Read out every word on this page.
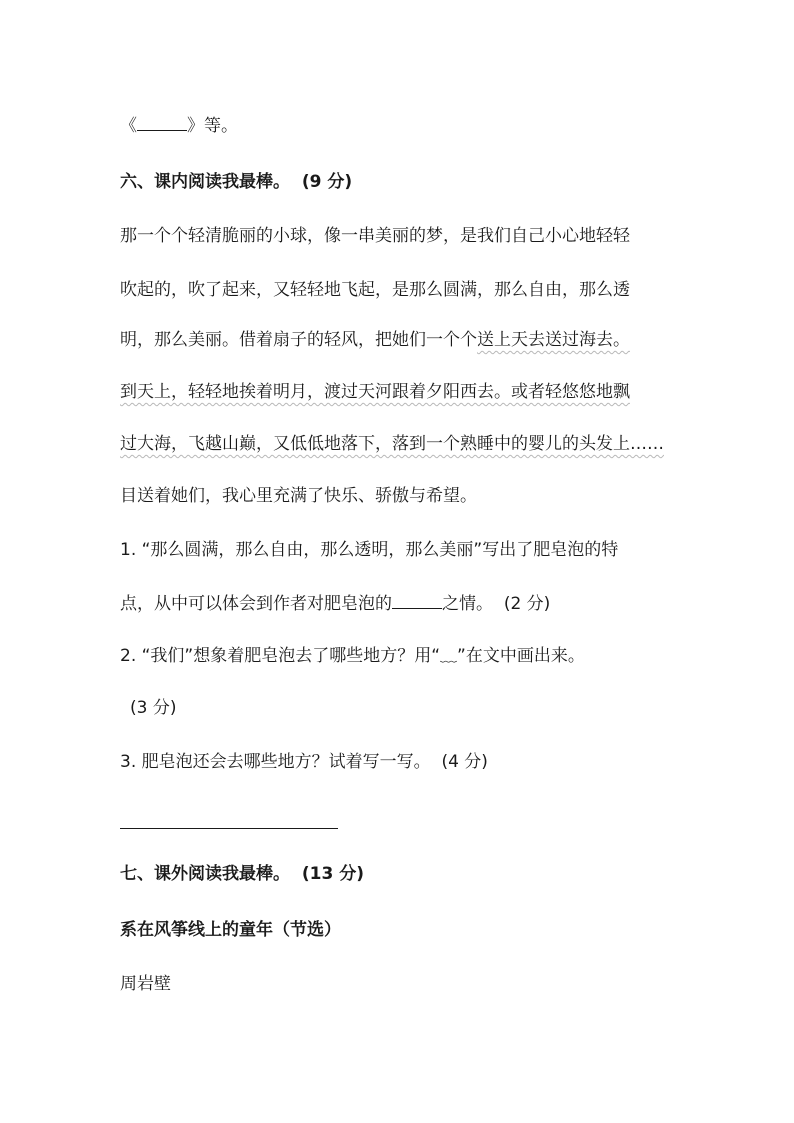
《	》等。
六、课内阅读我最棒。 (9 分)
那一个个轻清脆丽的小球，像一串美丽的梦，是我们自己小心地轻轻
吹起的，吹了起来，又轻轻地飞起，是那么圆满，那么自由，那么透
明，那么美丽。借着扇子的轻风，把她们一个个送上天去送过海去。
到天上，轻轻地挨着明月，渡过天河跟着夕阳西去。或者轻悠悠地飘
过大海，飞越山巅，又低低地落下，落到一个熟睡中的婴儿的头发上……
目送着她们，我心里充满了快乐、骄傲与希望。
1. “那么圆满，那么自由，那么透明，那么美丽”写出了肥皂泡的特
点，从中可以体会到作者对肥皂泡的	之情。 (2 分)
2. “我们”想象着肥皂泡去了哪些地方？用“﹏”在文中画出来。
(3 分)
3. 肥皂泡还会去哪些地方？试着写一写。 (4 分)
七、课外阅读我最棒。 (13 分)
系在风筝线上的童年（节选）
周岩壁
